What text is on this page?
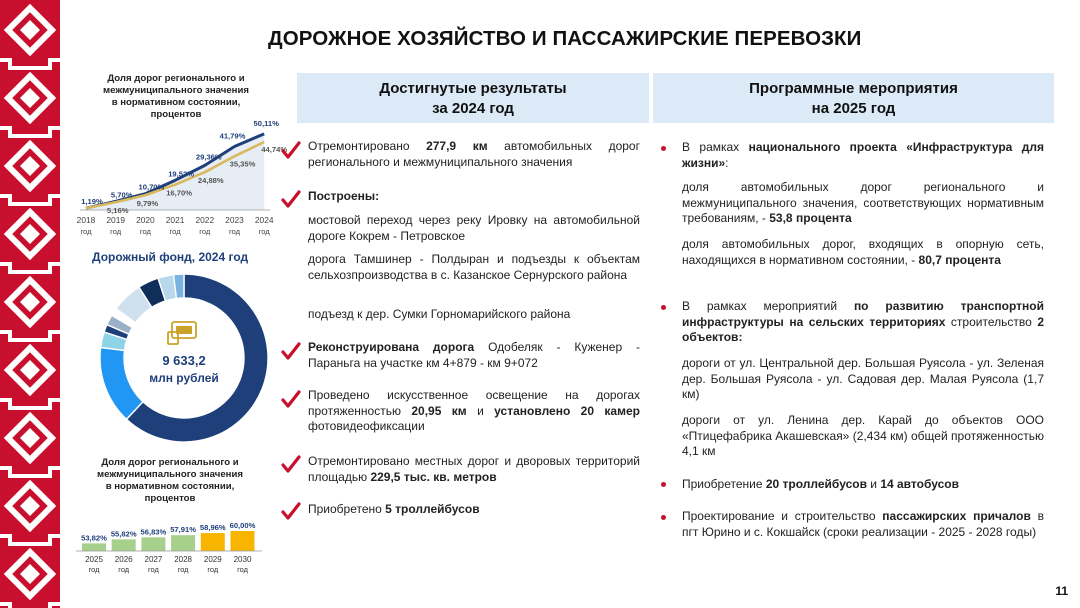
ДОРОЖНОЕ ХОЗЯЙСТВО И ПАССАЖИРСКИЕ ПЕРЕВОЗКИ
Доля дорог регионального и
межмуниципального значения
в нормативном состоянии,
процентов
1,19%
5,70%
10,70%
19,52%
29,36%
41,79%
50,11%
5,16%
9,79%
16,70%
24,88%
35,35%
44,74%
2018
год
2019
год
2020
год
2021
год
2022
год
2023
год
2024
год
Дорожный фонд, 2024 год
9 633,2
млн рублей
Доля дорог регионального и
межмуниципального значения
в нормативном состоянии,
процентов
53,82%
2025
год
55,82%
2026
год
56,83%
2027
год
57,91%
2028
год
58,96%
2029
год
60,00%
2030
год
Достигнутые результаты
за 2024 год
Программные мероприятия
на 2025 год
Отремонтировано 277,9 км автомобильных дорог регионального и межмуниципального значения
Построены:
мостовой переход через реку Ировку на автомобильной дороге Кокрем - Петровское
дорога Тамшинер - Полдыран и подъезды к объектам сельхозпроизводства в с. Казанское Сернурского района
подъезд к дер. Сумки Горномарийского района
Реконструирована дорога Одобеляк - Куженер - Параньга на участке км 4+879 - км 9+072
Проведено искусственное освещение на дорогах протяженностью 20,95 км и установлено 20 камер фотовидеофиксации
Отремонтировано местных дорог и дворовых территорий площадью 229,5 тыс. кв. метров
Приобретено 5 троллейбусов
В рамках национального проекта «Инфраструктура для жизни»:
доля автомобильных дорог регионального и межмуниципального значения, соответствующих нормативным требованиям, - 53,8 процента
доля автомобильных дорог, входящих в опорную сеть, находящихся в нормативном состоянии, - 80,7 процента
В рамках мероприятий по развитию транспортной инфраструктуры на сельских территориях строительство 2 объектов:
дороги от ул. Центральной дер. Большая Руясола - ул. Зеленая дер. Большая Руясола - ул. Садовая дер. Малая Руясола (1,7 км)
дороги от ул. Ленина дер. Карай до объектов ООО «Птицефабрика Акашевская» (2,434 км) общей протяженностью 4,1 км
Приобретение 20 троллейбусов и 14 автобусов
Проектирование и строительство пассажирских причалов в пгт Юрино и с. Кокшайск (сроки реализации - 2025 - 2028 годы)
11
